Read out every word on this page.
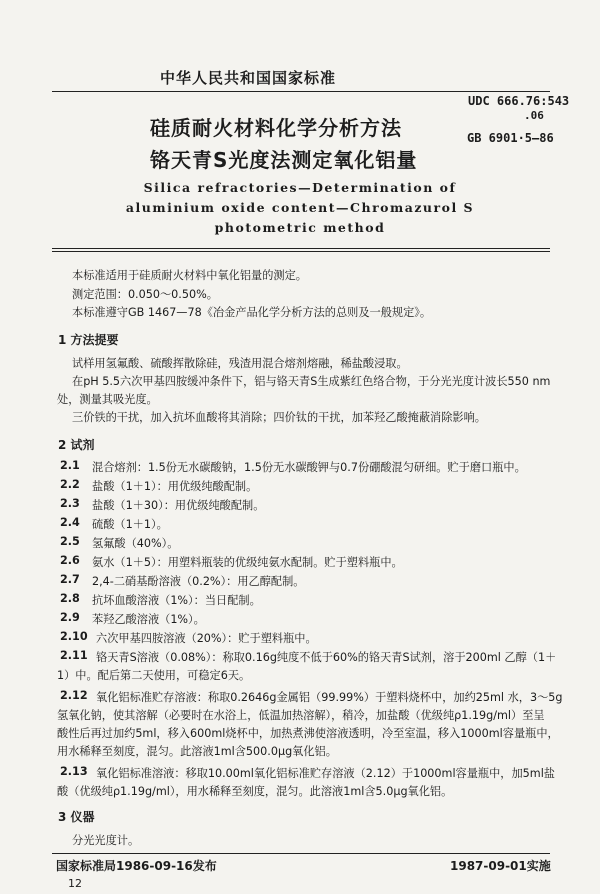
中华人民共和国国家标准
UDC 666.76:543
.06
GB 6901·5—86
硅质耐火材料化学分析方法
铬天青S光度法测定氧化铝量
Silica refractories—Determination of
aluminium oxide content—Chromazurol S
photometric method
本标准适用于硅质耐火材料中氧化铝量的测定。
测定范围：0.050～0.50%。
本标准遵守GB 1467—78《冶金产品化学分析方法的总则及一般规定》。
1 方法提要
试样用氢氟酸、硫酸挥散除硅，残渣用混合熔剂熔融，稀盐酸浸取。
在pH 5.5六次甲基四胺缓冲条件下，铝与铬天青S生成紫红色络合物，于分光光度计波长550 nm
处，测量其吸光度。
三价铁的干扰，加入抗坏血酸将其消除；四价钛的干扰，加苯羟乙酸掩蔽消除影响。
2 试剂
2.1 混合熔剂：1.5份无水碳酸钠，1.5份无水碳酸钾与0.7份硼酸混匀研细。贮于磨口瓶中。
2.2 盐酸（1＋1）：用优级纯酸配制。
2.3 盐酸（1＋30）：用优级纯酸配制。
2.4 硫酸（1＋1）。
2.5 氢氟酸（40%）。
2.6 氨水（1＋5）：用塑料瓶装的优级纯氨水配制。贮于塑料瓶中。
2.7 2,4-二硝基酚溶液（0.2%）：用乙醇配制。
2.8 抗坏血酸溶液（1%）：当日配制。
2.9 苯羟乙酸溶液（1%）。
2.10 六次甲基四胺溶液（20%）：贮于塑料瓶中。
2.11 铬天青S溶液（0.08%）：称取0.16g纯度不低于60%的铬天青S试剂，溶于200ml 乙醇（1＋
1）中。配后第二天使用，可稳定6天。
2.12 氧化铝标准贮存溶液：称取0.2646g金属铝（99.99%）于塑料烧杯中，加约25ml 水，3～5g
氢氧化钠，使其溶解（必要时在水浴上，低温加热溶解），稍冷，加盐酸（优级纯ρ1.19g/ml）至呈
酸性后再过加约5ml，移入600ml烧杯中，加热煮沸使溶液透明，冷至室温，移入1000ml容量瓶中，
用水稀释至刻度，混匀。此溶液1ml含500.0μg氧化铝。
2.13 氧化铝标准溶液：移取10.00ml氧化铝标准贮存溶液（2.12）于1000ml容量瓶中，加5ml盐
酸（优级纯ρ1.19g/ml），用水稀释至刻度，混匀。此溶液1ml含5.0μg氧化铝。
3 仪器
分光光度计。
国家标准局1986-09-16发布	1987-09-01实施
12
